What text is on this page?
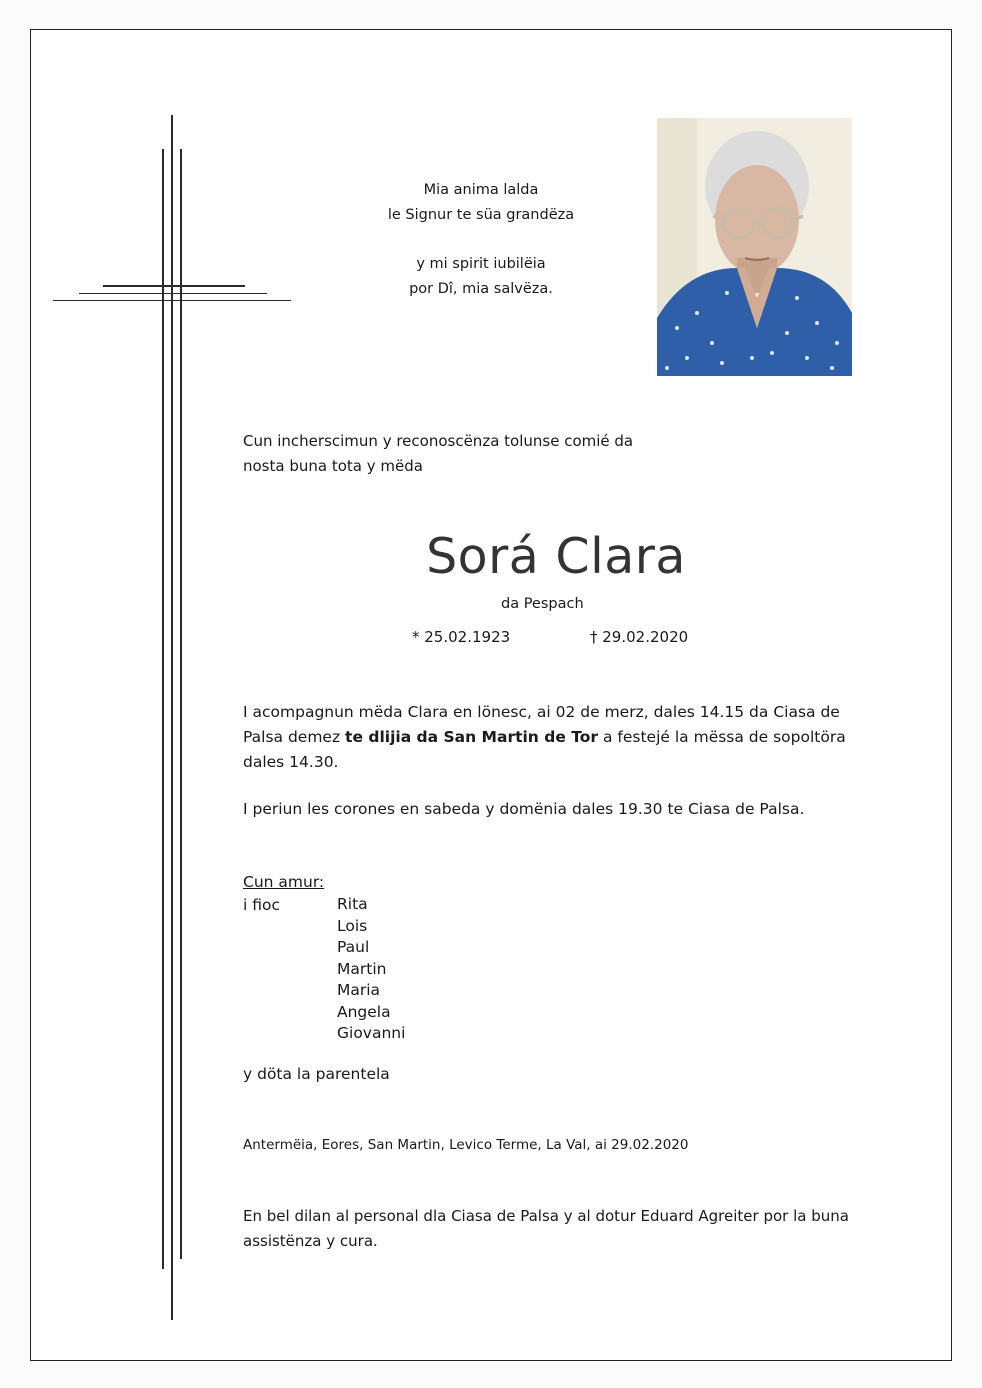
Mia anima lalda
le Signur te süa grandëza
y mi spirit iubilëia
por Dî, mia salvëza.
Cun incherscimun y reconoscënza tolunse comié da
nosta buna tota y mëda
Sorá Clara
da Pespach
* 25.02.1923	† 29.02.2020
I acompagnun mëda Clara en lönesc, ai 02 de merz, dales 14.15 da Ciasa de Palsa demez te dlijia da San Martin de Tor a festejé la mëssa de sopoltöra dales 14.30.
I periun les corones en sabeda y domënia dales 19.30 te Ciasa de Palsa.
Cun amur:
i fioc	Rita
Lois
Paul
Martin
Maria
Angela
Giovanni
y döta la parentela
Antermëia, Eores, San Martin, Levico Terme, La Val, ai 29.02.2020
En bel dilan al personal dla Ciasa de Palsa y al dotur Eduard Agreiter por la buna
assistënza y cura.
